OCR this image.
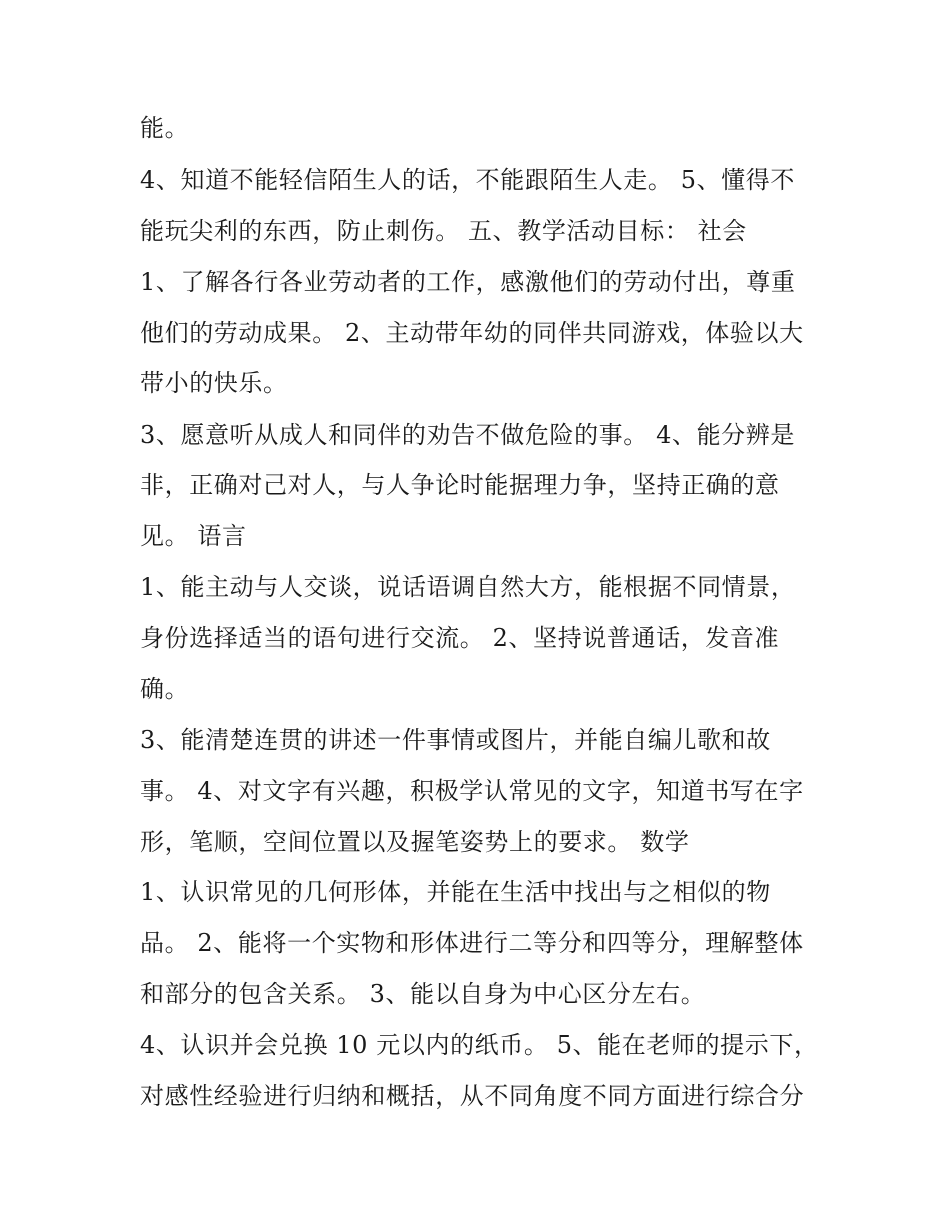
能。
4、知道不能轻信陌生人的话，不能跟陌生人走。 5、懂得不
能玩尖利的东西，防止刺伤。 五、教学活动目标： 社会
1、了解各行各业劳动者的工作，感激他们的劳动付出，尊重
他们的劳动成果。 2、主动带年幼的同伴共同游戏，体验以大
带小的快乐。
3、愿意听从成人和同伴的劝告不做危险的事。 4、能分辨是
非，正确对己对人，与人争论时能据理力争，坚持正确的意
见。 语言
1、能主动与人交谈，说话语调自然大方，能根据不同情景，
身份选择适当的语句进行交流。 2、坚持说普通话，发音准
确。
3、能清楚连贯的讲述一件事情或图片，并能自编儿歌和故
事。 4、对文字有兴趣，积极学认常见的文字，知道书写在字
形，笔顺，空间位置以及握笔姿势上的要求。 数学
1、认识常见的几何形体，并能在生活中找出与之相似的物
品。 2、能将一个实物和形体进行二等分和四等分，理解整体
和部分的包含关系。 3、能以自身为中心区分左右。
4、认识并会兑换 10 元以内的纸币。 5、能在老师的提示下，
对感性经验进行归纳和概括，从不同角度不同方面进行综合分
